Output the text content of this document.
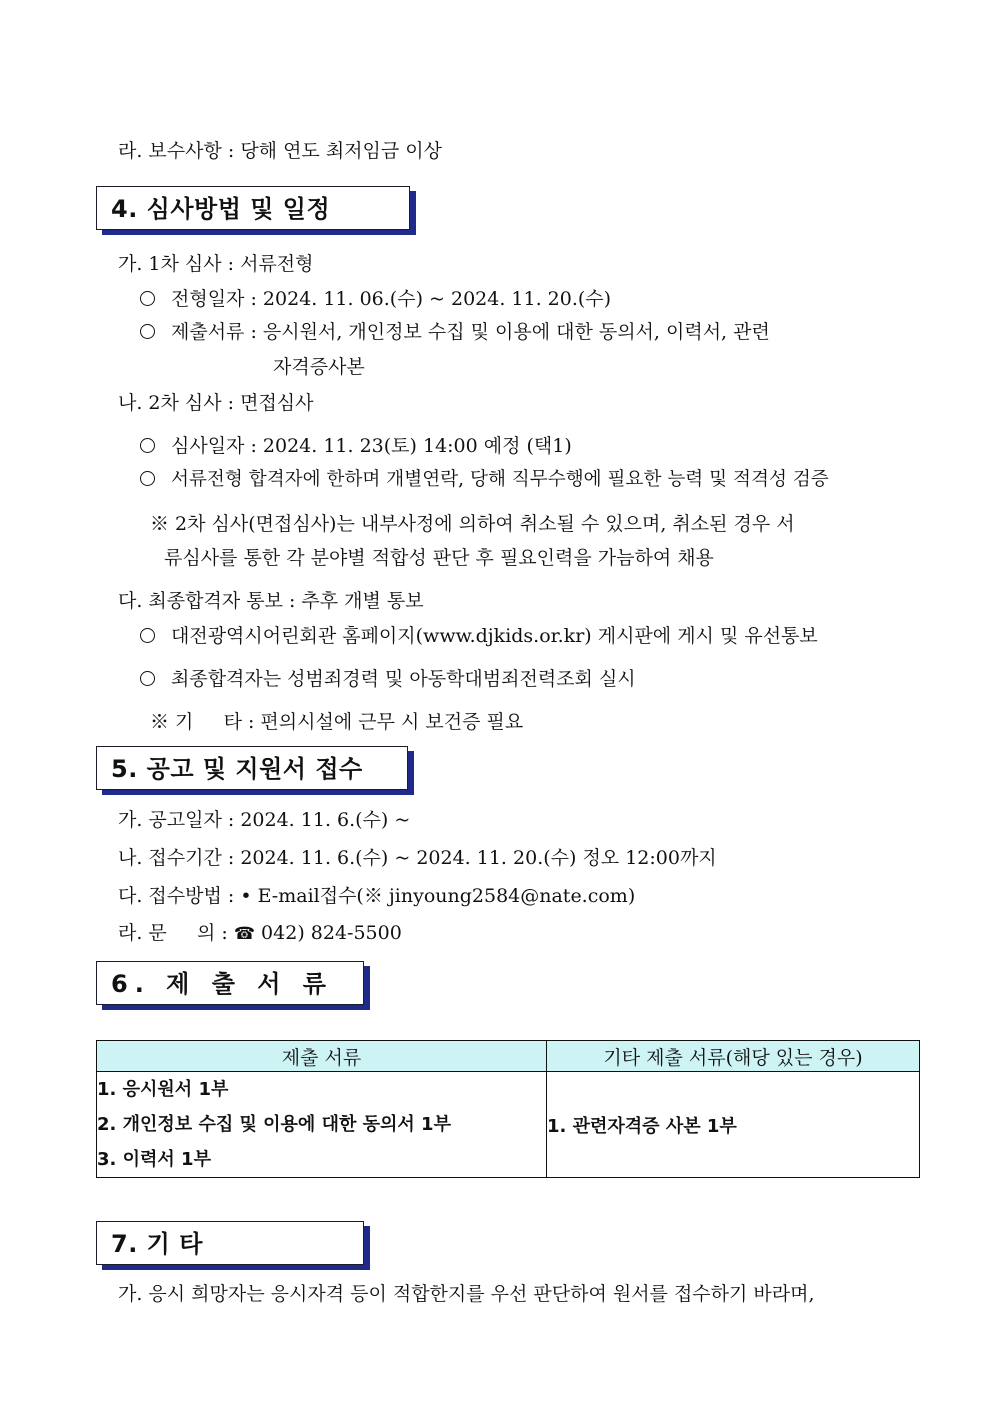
라. 보수사항 : 당해 연도 최저임금 이상
4. 심사방법 및 일정
가. 1차 심사 : 서류전형
전형일자 : 2024. 11. 06.(수) ~ 2024. 11. 20.(수)
제출서류 : 응시원서, 개인정보 수집 및 이용에 대한 동의서, 이력서, 관련
자격증사본
나. 2차 심사 : 면접심사
심사일자 : 2024. 11. 23(토) 14:00 예정 (택1)
서류전형 합격자에 한하며 개별연락, 당해 직무수행에 필요한 능력 및 적격성 검증
※ 2차 심사(면접심사)는 내부사정에 의하여 취소될 수 있으며, 취소된 경우 서
류심사를 통한 각 분야별 적합성 판단 후 필요인력을 가늠하여 채용
다. 최종합격자 통보 : 추후 개별 통보
대전광역시어린회관 홈페이지(www.djkids.or.kr) 게시판에 게시 및 유선통보
최종합격자는 성범죄경력 및 아동학대범죄전력조회 실시
※ 기     타 : 편의시설에 근무 시 보건증 필요
5. 공고 및 지원서 접수
가. 공고일자 : 2024. 11. 6.(수) ~
나. 접수기간 : 2024. 11. 6.(수) ~ 2024. 11. 20.(수) 정오 12:00까지
다. 접수방법 : • E-mail접수(※ jinyoung2584@nate.com)
라. 문     의 : ☎ 042) 824-5500
6. 제 출 서 류
제출 서류	기타 제출 서류(해당 있는 경우)

1. 응시원서 1부
2. 개인정보 수집 및 이용에 대한 동의서 1부
3. 이력서 1부	1. 관련자격증 사본 1부
7. 기 타
가. 응시 희망자는 응시자격 등이 적합한지를 우선 판단하여 원서를 접수하기 바라며,
